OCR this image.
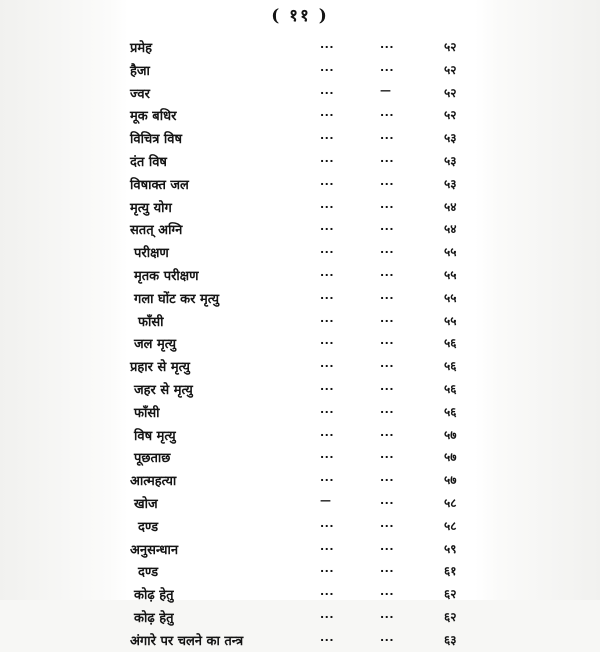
( ११ )
प्रमेह	...	...	५२
हैजा	...	...	५२
ज्वर	...	—	५२
मूक बधिर	...	...	५२
विचित्र विष	...	...	५३
दंत विष	...	...	५३
विषाक्त जल	...	...	५३
मृत्यु योग	...	...	५४
सतत् अग्नि	...	...	५४
परीक्षण	...	...	५५
मृतक परीक्षण	...	...	५५
गला घोंट कर मृत्यु	...	...	५५
फाँसी	...	...	५५
जल मृत्यु	...	...	५६
प्रहार से मृत्यु	...	...	५६
जहर से मृत्यु	...	...	५६
फाँसी	...	...	५६
विष मृत्यु	...	...	५७
पूछताछ	...	...	५७
आत्महत्या	...	...	५७
खोज	—	...	५८
दण्ड	...	...	५८
अनुसन्धान	...	...	५९
दण्ड	...	...	६१
कोढ़ हेतु	...	...	६२
कोढ़ हेतु	...	...	६२
अंगारे पर चलने का तन्त्र	...	...	६३
